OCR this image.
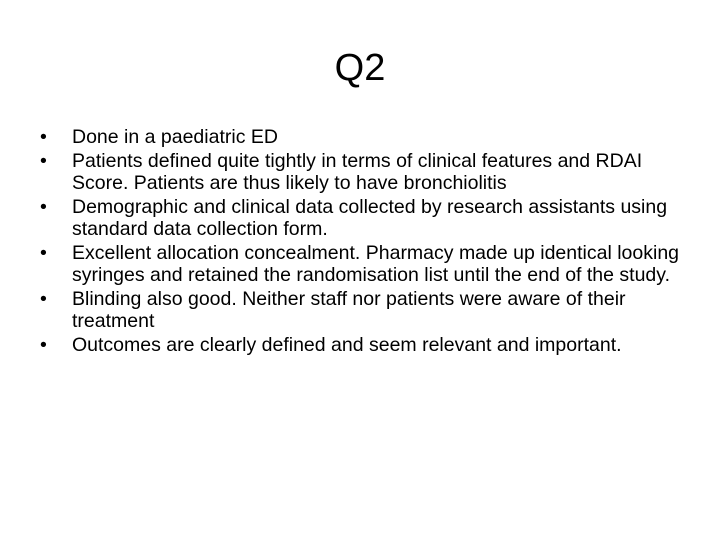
Q2
•	Done in a paediatric ED
•	Patients defined quite tightly in terms of clinical features and RDAI Score. Patients are thus likely to have bronchiolitis
•	Demographic and clinical data collected by research assistants using standard data collection form.
•	Excellent allocation concealment. Pharmacy made up identical looking syringes and retained the randomisation list until the end of the study.
•	Blinding also good. Neither staff nor patients were aware of their treatment
•	Outcomes are clearly defined and seem relevant and important.
